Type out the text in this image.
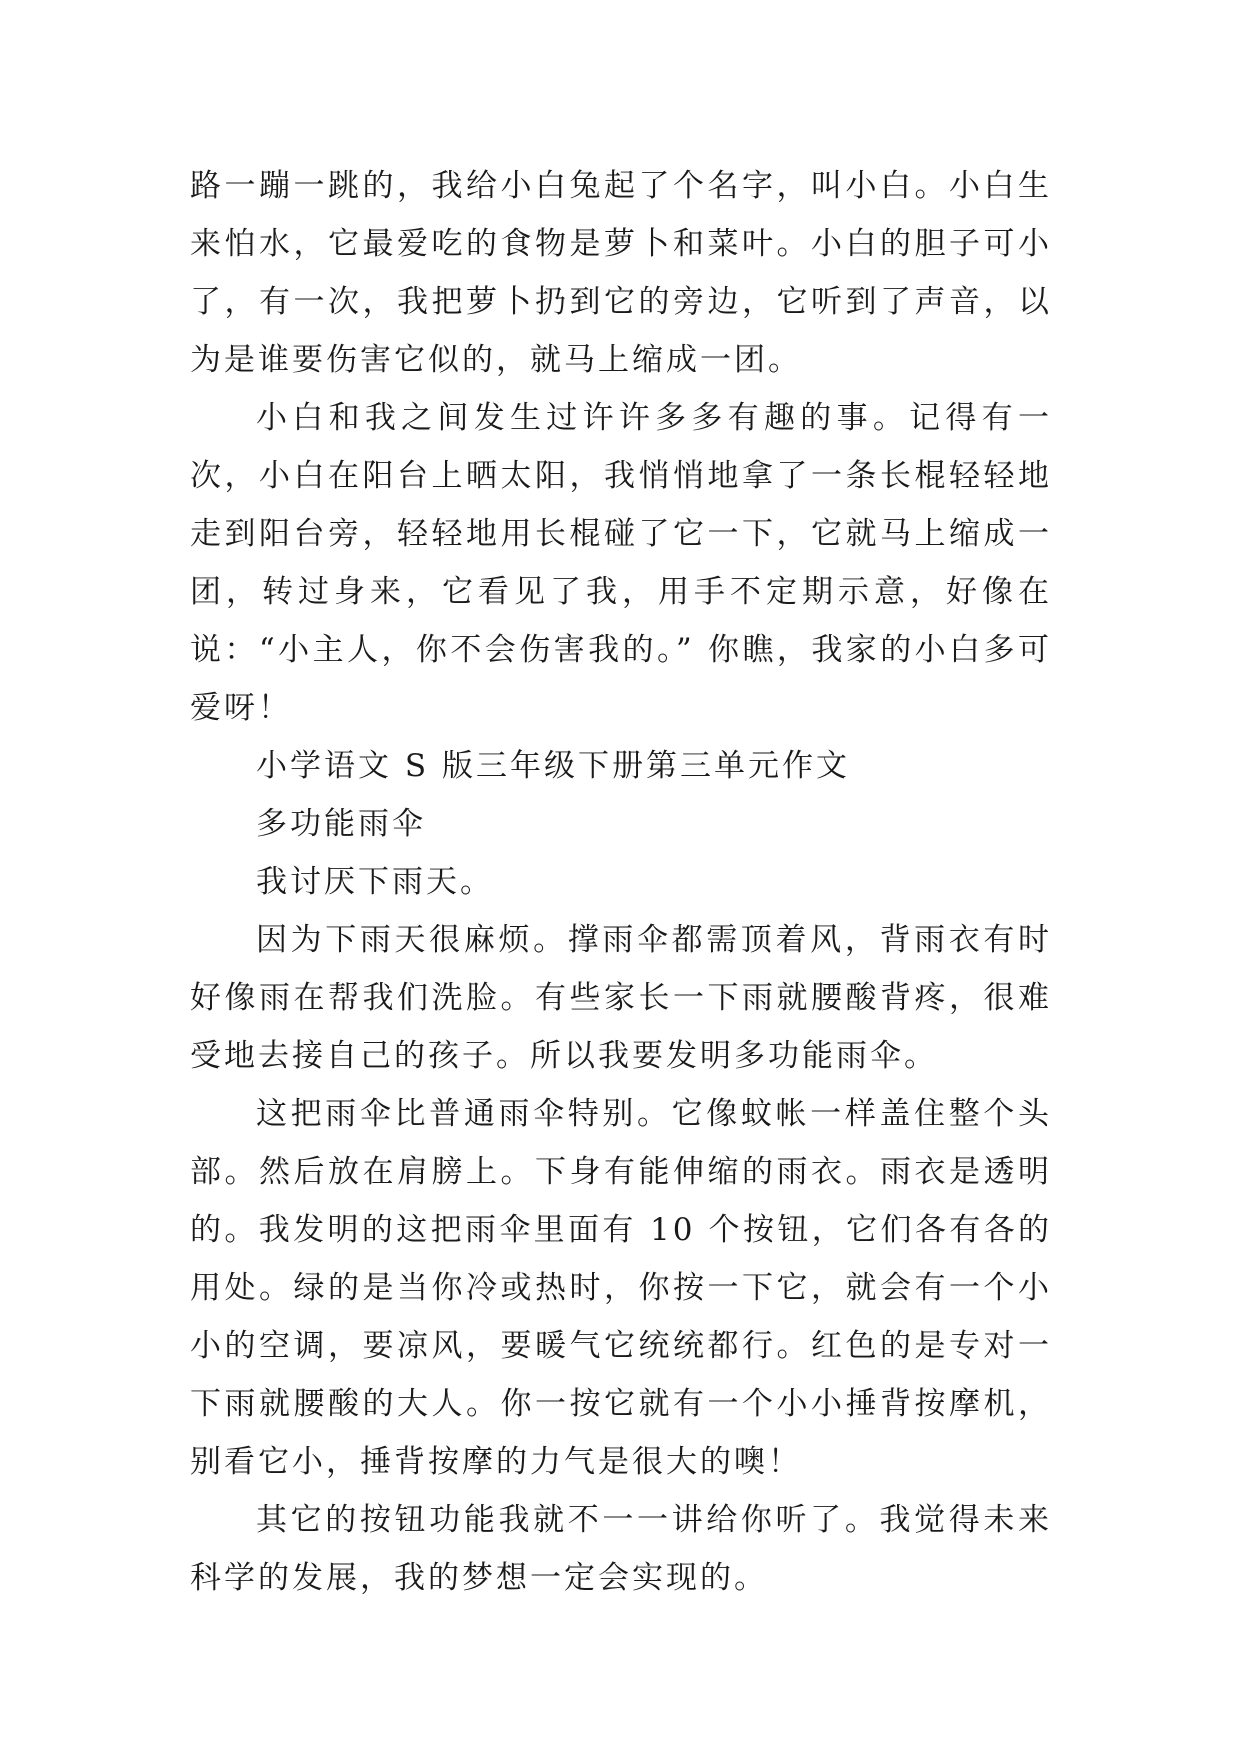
路一蹦一跳的，我给小白兔起了个名字，叫小白。小白生来怕水，它最爱吃的食物是萝卜和菜叶。小白的胆子可小了，有一次，我把萝卜扔到它的旁边，它听到了声音，以为是谁要伤害它似的，就马上缩成一团。

小白和我之间发生过许许多多有趣的事。记得有一次，小白在阳台上晒太阳，我悄悄地拿了一条长棍轻轻地走到阳台旁，轻轻地用长棍碰了它一下，它就马上缩成一团，转过身来，它看见了我，用手不定期示意，好像在说：“小主人，你不会伤害我的。” 你瞧，我家的小白多可爱呀！

小学语文 S 版三年级下册第三单元作文

多功能雨伞

我讨厌下雨天。

因为下雨天很麻烦。撑雨伞都需顶着风，背雨衣有时好像雨在帮我们洗脸。有些家长一下雨就腰酸背疼，很难受地去接自己的孩子。所以我要发明多功能雨伞。

这把雨伞比普通雨伞特别。它像蚊帐一样盖住整个头部。然后放在肩膀上。下身有能伸缩的雨衣。雨衣是透明的。我发明的这把雨伞里面有 10 个按钮，它们各有各的用处。绿的是当你冷或热时，你按一下它，就会有一个小小的空调，要凉风，要暖气它统统都行。红色的是专对一下雨就腰酸的大人。你一按它就有一个小小捶背按摩机，别看它小，捶背按摩的力气是很大的噢！

其它的按钮功能我就不一一讲给你听了。我觉得未来科学的发展，我的梦想一定会实现的。
